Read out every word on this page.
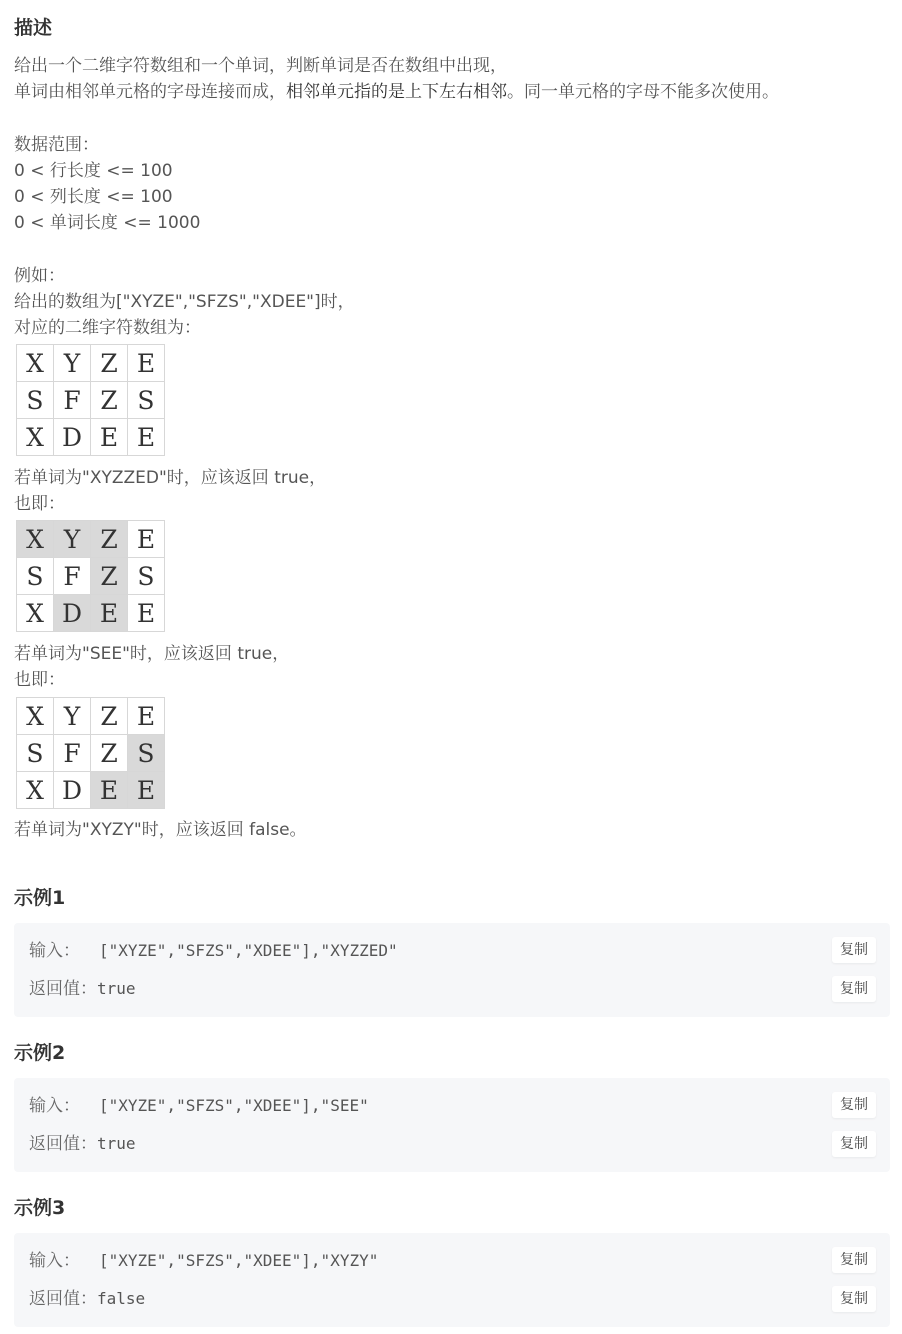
描述
给出一个二维字符数组和一个单词，判断单词是否在数组中出现，
单词由相邻单元格的字母连接而成，相邻单元指的是上下左右相邻。同一单元格的字母不能多次使用。
数据范围：
0 < 行长度 <= 100
0 < 列长度 <= 100
0 < 单词长度 <= 1000
例如：
给出的数组为["XYZE","SFZS","XDEE"]时，
对应的二维字符数组为：
X	Y	Z	E
S	F	Z	S
X	D	E	E
若单词为"XYZZED"时，应该返回 true，
也即：
X	Y	Z	E
S	F	Z	S
X	D	E	E
若单词为"SEE"时，应该返回 true，
也即：
X	Y	Z	E
S	F	Z	S
X	D	E	E
若单词为"XYZY"时，应该返回 false。
示例1
输入： ["XYZE","SFZS","XDEE"],"XYZZED"	复制
返回值：true	复制
示例2
输入： ["XYZE","SFZS","XDEE"],"SEE"	复制
返回值：true	复制
示例3
输入： ["XYZE","SFZS","XDEE"],"XYZY"	复制
返回值：false	复制
